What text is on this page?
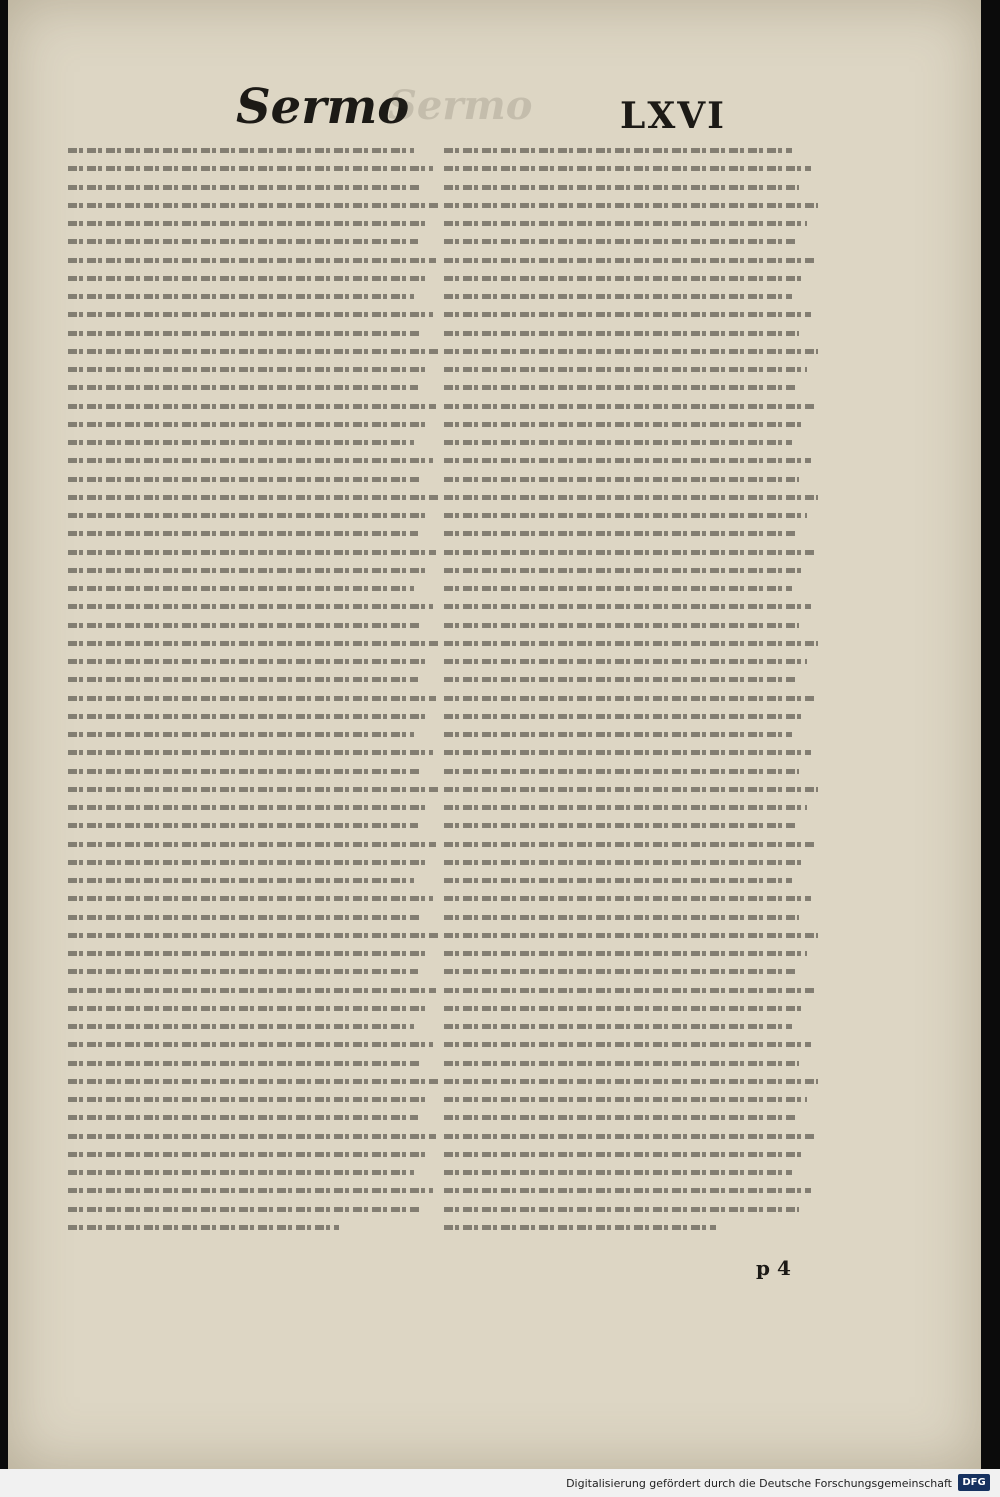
Sermo
Sermo LXVI
p 4
Digitalisierung gefördert durch die Deutsche Forschungsgemeinschaft	DFG
